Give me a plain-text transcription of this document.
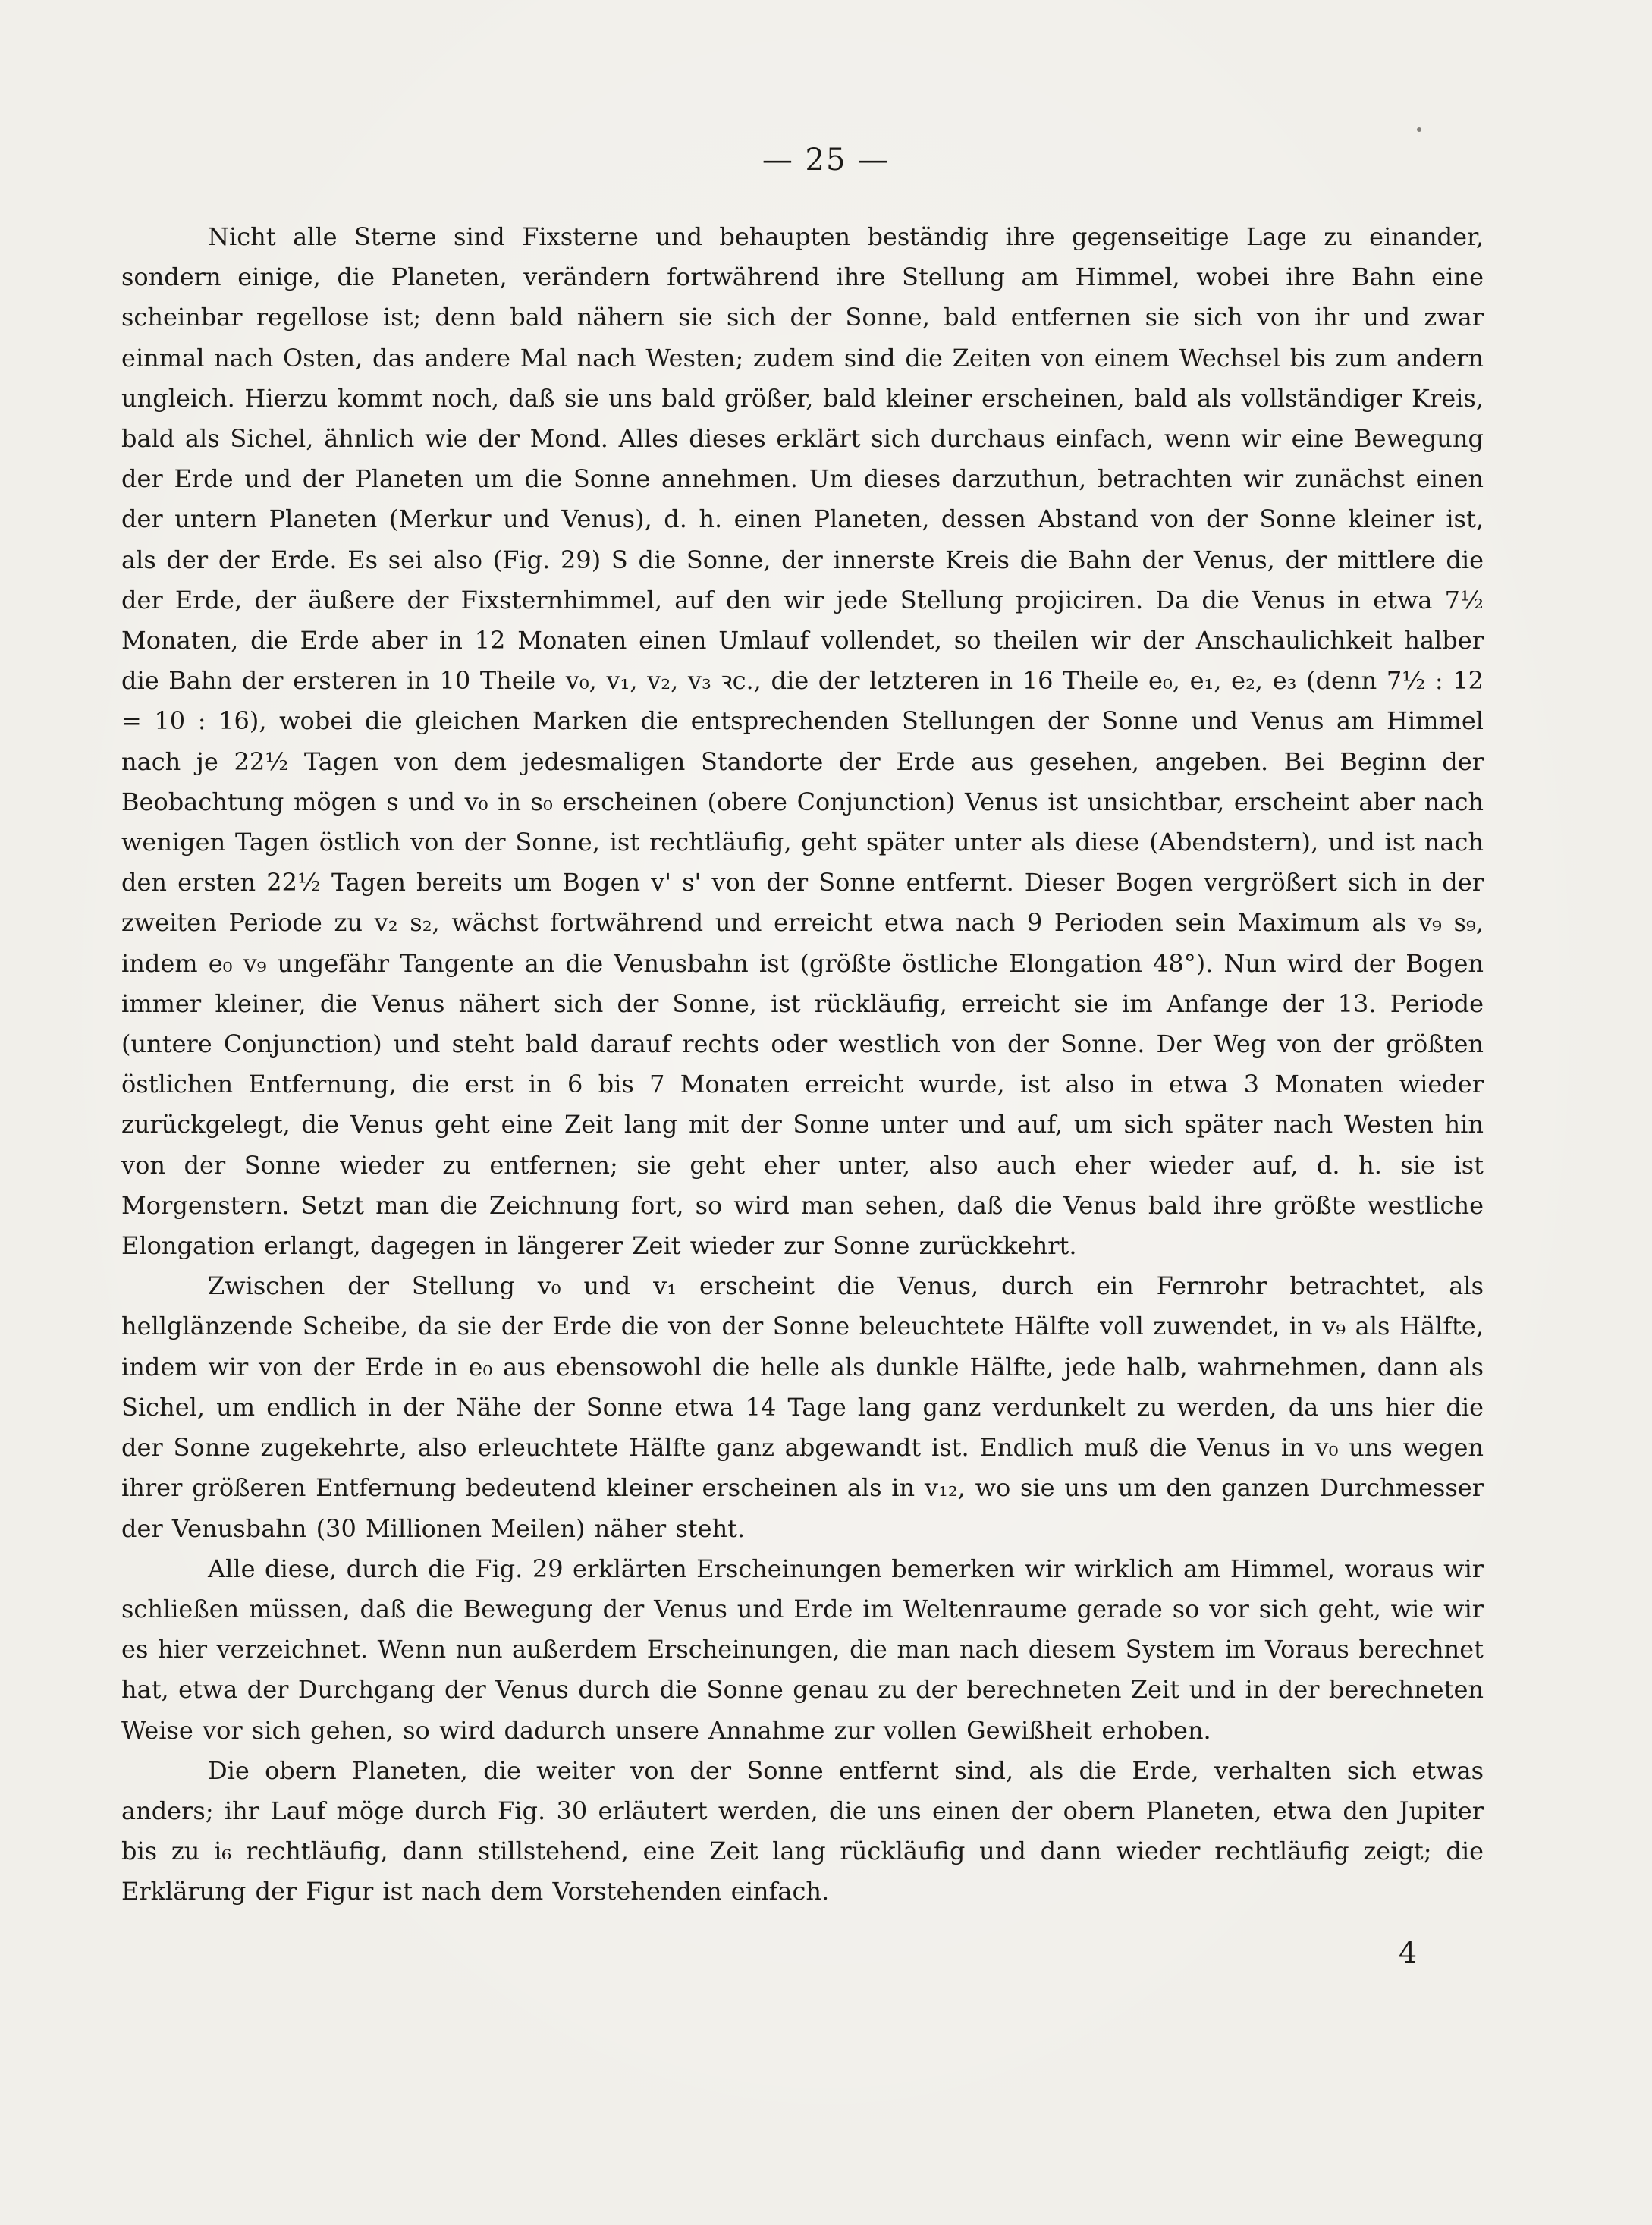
— 25 —

Nicht alle Sterne sind Fixsterne und behaupten beständig ihre gegenseitige Lage zu einander, sondern einige, die Planeten, verändern fortwährend ihre Stellung am Himmel, wobei ihre Bahn eine scheinbar regellose ist; denn bald nähern sie sich der Sonne, bald entfernen sie sich von ihr und zwar einmal nach Osten, das andere Mal nach Westen; zudem sind die Zeiten von einem Wechsel bis zum andern ungleich. Hierzu kommt noch, daß sie uns bald größer, bald kleiner erscheinen, bald als vollständiger Kreis, bald als Sichel, ähnlich wie der Mond. Alles dieses erklärt sich durchaus einfach, wenn wir eine Bewegung der Erde und der Planeten um die Sonne annehmen. Um dieses darzuthun, betrachten wir zunächst einen der untern Planeten (Merkur und Venus), d. h. einen Planeten, dessen Abstand von der Sonne kleiner ist, als der der Erde. Es sei also (Fig. 29) S die Sonne, der innerste Kreis die Bahn der Venus, der mittlere die der Erde, der äußere der Fixsternhimmel, auf den wir jede Stellung projiciren. Da die Venus in etwa 7½ Monaten, die Erde aber in 12 Monaten einen Umlauf vollendet, so theilen wir der Anschaulichkeit halber die Bahn der ersteren in 10 Theile v₀, v₁, v₂, v₃ ꝛc., die der letzteren in 16 Theile e₀, e₁, e₂, e₃ (denn 7½ : 12 = 10 : 16), wobei die gleichen Marken die entsprechenden Stellungen der Sonne und Venus am Himmel nach je 22½ Tagen von dem jedesmaligen Standorte der Erde aus gesehen, angeben. Bei Beginn der Beobachtung mögen s und v₀ in s₀ erscheinen (obere Conjunction) Venus ist unsichtbar, erscheint aber nach wenigen Tagen östlich von der Sonne, ist rechtläufig, geht später unter als diese (Abendstern), und ist nach den ersten 22½ Tagen bereits um Bogen v' s' von der Sonne entfernt. Dieser Bogen vergrößert sich in der zweiten Periode zu v₂ s₂, wächst fortwährend und erreicht etwa nach 9 Perioden sein Maximum als v₉ s₉, indem e₀ v₉ ungefähr Tangente an die Venusbahn ist (größte östliche Elongation 48°). Nun wird der Bogen immer kleiner, die Venus nähert sich der Sonne, ist rückläufig, erreicht sie im Anfange der 13. Periode (untere Conjunction) und steht bald darauf rechts oder westlich von der Sonne. Der Weg von der größten östlichen Entfernung, die erst in 6 bis 7 Monaten erreicht wurde, ist also in etwa 3 Monaten wieder zurückgelegt, die Venus geht eine Zeit lang mit der Sonne unter und auf, um sich später nach Westen hin von der Sonne wieder zu entfernen; sie geht eher unter, also auch eher wieder auf, d. h. sie ist Morgenstern. Setzt man die Zeichnung fort, so wird man sehen, daß die Venus bald ihre größte westliche Elongation erlangt, dagegen in längerer Zeit wieder zur Sonne zurückkehrt.

Zwischen der Stellung v₀ und v₁ erscheint die Venus, durch ein Fernrohr betrachtet, als hellglänzende Scheibe, da sie der Erde die von der Sonne beleuchtete Hälfte voll zuwendet, in v₉ als Hälfte, indem wir von der Erde in e₀ aus ebensowohl die helle als dunkle Hälfte, jede halb, wahrnehmen, dann als Sichel, um endlich in der Nähe der Sonne etwa 14 Tage lang ganz verdunkelt zu werden, da uns hier die der Sonne zugekehrte, also erleuchtete Hälfte ganz abgewandt ist. Endlich muß die Venus in v₀ uns wegen ihrer größeren Entfernung bedeutend kleiner erscheinen als in v₁₂, wo sie uns um den ganzen Durchmesser der Venusbahn (30 Millionen Meilen) näher steht.

Alle diese, durch die Fig. 29 erklärten Erscheinungen bemerken wir wirklich am Himmel, woraus wir schließen müssen, daß die Bewegung der Venus und Erde im Weltenraume gerade so vor sich geht, wie wir es hier verzeichnet. Wenn nun außerdem Erscheinungen, die man nach diesem System im Voraus berechnet hat, etwa der Durchgang der Venus durch die Sonne genau zu der berechneten Zeit und in der berechneten Weise vor sich gehen, so wird dadurch unsere Annahme zur vollen Gewißheit erhoben.

Die obern Planeten, die weiter von der Sonne entfernt sind, als die Erde, verhalten sich etwas anders; ihr Lauf möge durch Fig. 30 erläutert werden, die uns einen der obern Planeten, etwa den Jupiter bis zu i₆ rechtläufig, dann stillstehend, eine Zeit lang rückläufig und dann wieder rechtläufig zeigt; die Erklärung der Figur ist nach dem Vorstehenden einfach.

4
